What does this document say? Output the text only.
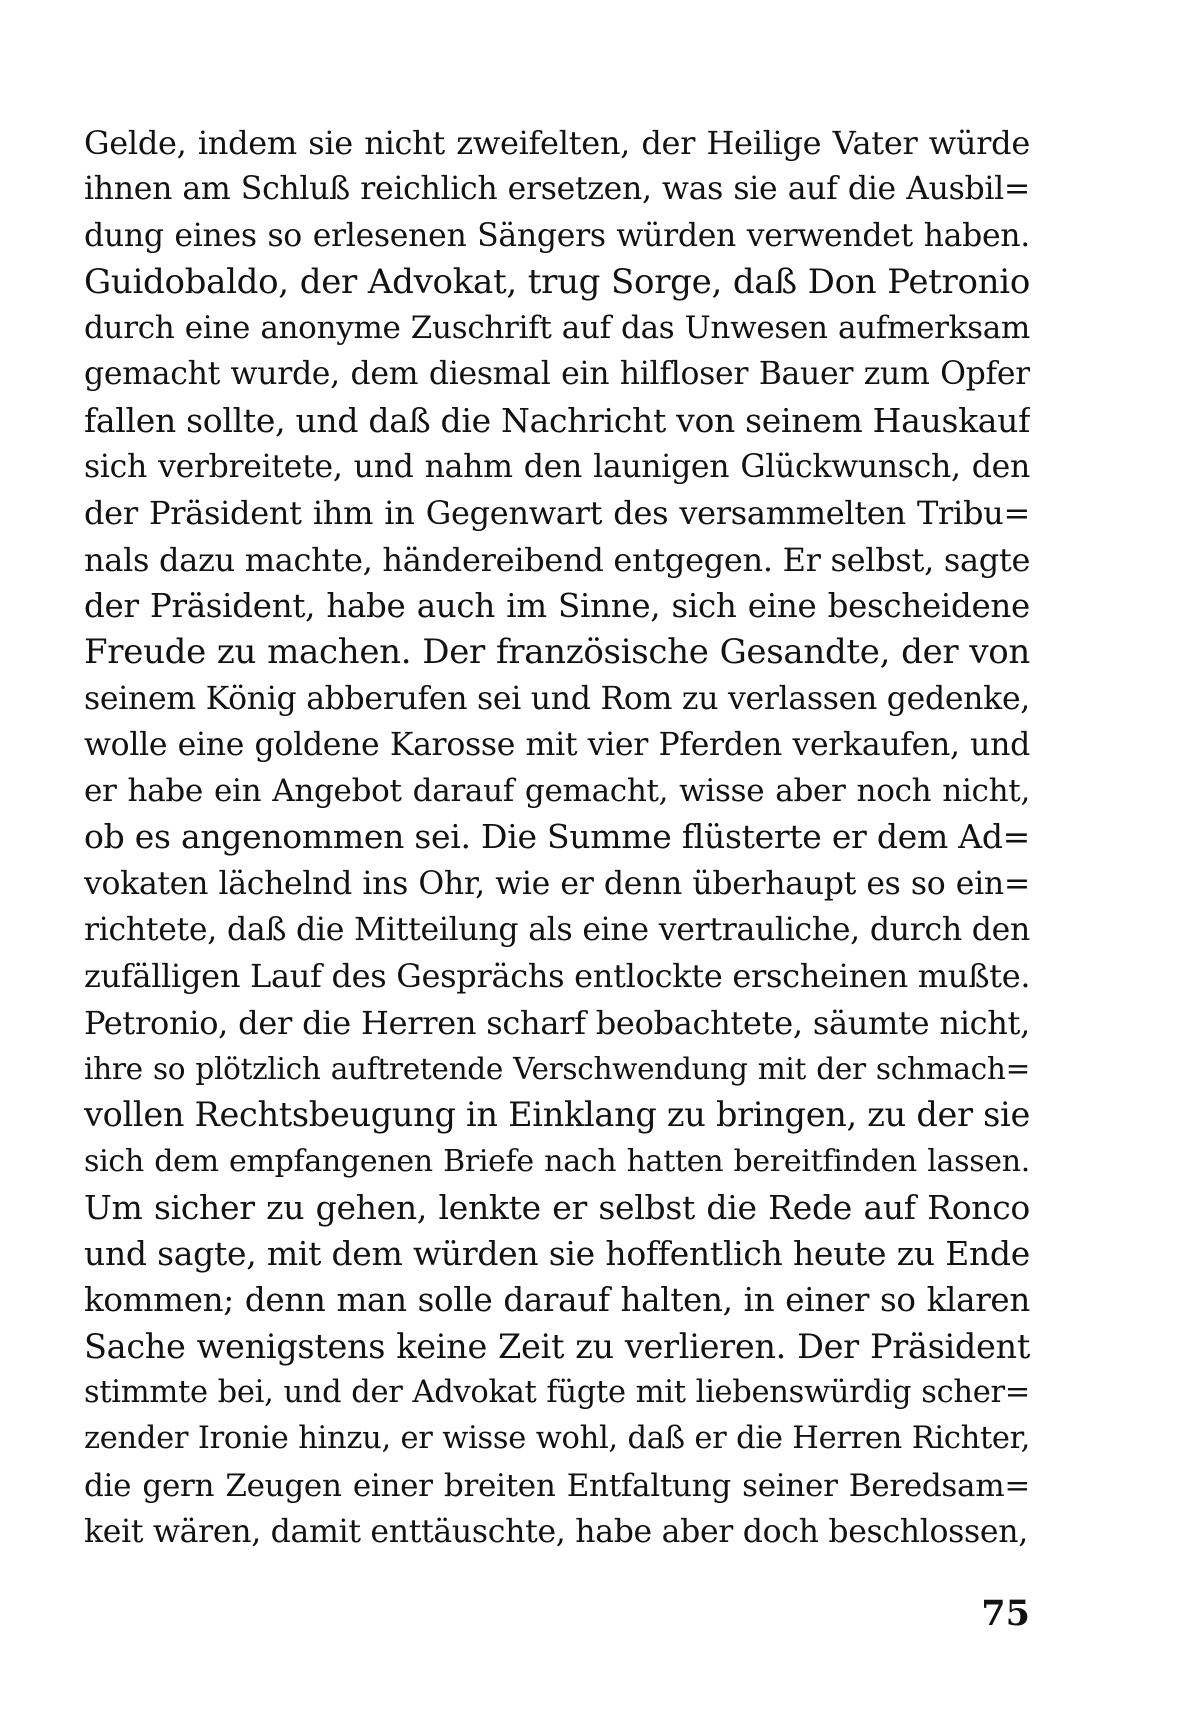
Gelde, indem sie nicht zweifelten, der Heilige Vater würde
ihnen am Schluß reichlich ersetzen, was sie auf die Ausbil=
dung eines so erlesenen Sängers würden verwendet haben.
Guidobaldo, der Advokat, trug Sorge, daß Don Petronio
durch eine anonyme Zuschrift auf das Unwesen aufmerksam
gemacht wurde, dem diesmal ein hilfloser Bauer zum Opfer
fallen sollte, und daß die Nachricht von seinem Hauskauf
sich verbreitete, und nahm den launigen Glückwunsch, den
der Präsident ihm in Gegenwart des versammelten Tribu=
nals dazu machte, händereibend entgegen. Er selbst, sagte
der Präsident, habe auch im Sinne, sich eine bescheidene
Freude zu machen. Der französische Gesandte, der von
seinem König abberufen sei und Rom zu verlassen gedenke,
wolle eine goldene Karosse mit vier Pferden verkaufen, und
er habe ein Angebot darauf gemacht, wisse aber noch nicht,
ob es angenommen sei. Die Summe flüsterte er dem Ad=
vokaten lächelnd ins Ohr, wie er denn überhaupt es so ein=
richtete, daß die Mitteilung als eine vertrauliche, durch den
zufälligen Lauf des Gesprächs entlockte erscheinen mußte.
Petronio, der die Herren scharf beobachtete, säumte nicht,
ihre so plötzlich auftretende Verschwendung mit der schmach=
vollen Rechtsbeugung in Einklang zu bringen, zu der sie
sich dem empfangenen Briefe nach hatten bereitfinden lassen.
Um sicher zu gehen, lenkte er selbst die Rede auf Ronco
und sagte, mit dem würden sie hoffentlich heute zu Ende
kommen; denn man solle darauf halten, in einer so klaren
Sache wenigstens keine Zeit zu verlieren. Der Präsident
stimmte bei, und der Advokat fügte mit liebenswürdig scher=
zender Ironie hinzu, er wisse wohl, daß er die Herren Richter,
die gern Zeugen einer breiten Entfaltung seiner Beredsam=
keit wären, damit enttäuschte, habe aber doch beschlossen,
75
